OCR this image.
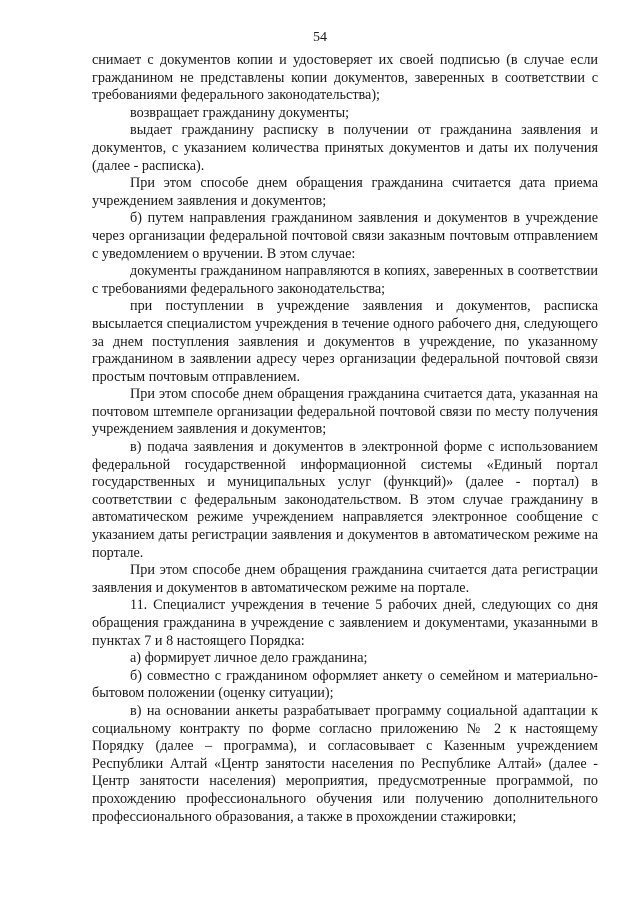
54

снимает с документов копии и удостоверяет их своей подписью (в случае если гражданином не представлены копии документов, заверенных в соответствии с требованиями федерального законодательства);

возвращает гражданину документы;

выдает гражданину расписку в получении от гражданина заявления и документов, с указанием количества принятых документов и даты их получения (далее - расписка).

При этом способе днем обращения гражданина считается дата приема учреждением заявления и документов;

б) путем направления гражданином заявления и документов в учреждение через организации федеральной почтовой связи заказным почтовым отправлением с уведомлением о вручении. В этом случае:

документы гражданином направляются в копиях, заверенных в соответствии с требованиями федерального законодательства;

при поступлении в учреждение заявления и документов, расписка высылается специалистом учреждения в течение одного рабочего дня, следующего за днем поступления заявления и документов в учреждение, по указанному гражданином в заявлении адресу через организации федеральной почтовой связи простым почтовым отправлением.

При этом способе днем обращения гражданина считается дата, указанная на почтовом штемпеле организации федеральной почтовой связи по месту получения учреждением заявления и документов;

в) подача заявления и документов в электронной форме с использованием федеральной государственной информационной системы «Единый портал государственных и муниципальных услуг (функций)» (далее - портал) в соответствии с федеральным законодательством. В этом случае гражданину в автоматическом режиме учреждением направляется электронное сообщение с указанием даты регистрации заявления и документов в автоматическом режиме на портале.

При этом способе днем обращения гражданина считается дата регистрации заявления и документов в автоматическом режиме на портале.

11. Специалист учреждения в течение 5 рабочих дней, следующих со дня обращения гражданина в учреждение с заявлением и документами, указанными в пунктах 7 и 8 настоящего Порядка:

а) формирует личное дело гражданина;

б) совместно с гражданином оформляет анкету о семейном и материально-бытовом положении (оценку ситуации);

в) на основании анкеты разрабатывает программу социальной адаптации к социальному контракту по форме согласно приложению № 2 к настоящему Порядку (далее – программа), и согласовывает с Казенным учреждением Республики Алтай «Центр занятости населения по Республике Алтай» (далее - Центр занятости населения) мероприятия, предусмотренные программой, по прохождению профессионального обучения или получению дополнительного профессионального образования, а также в прохождении стажировки;
